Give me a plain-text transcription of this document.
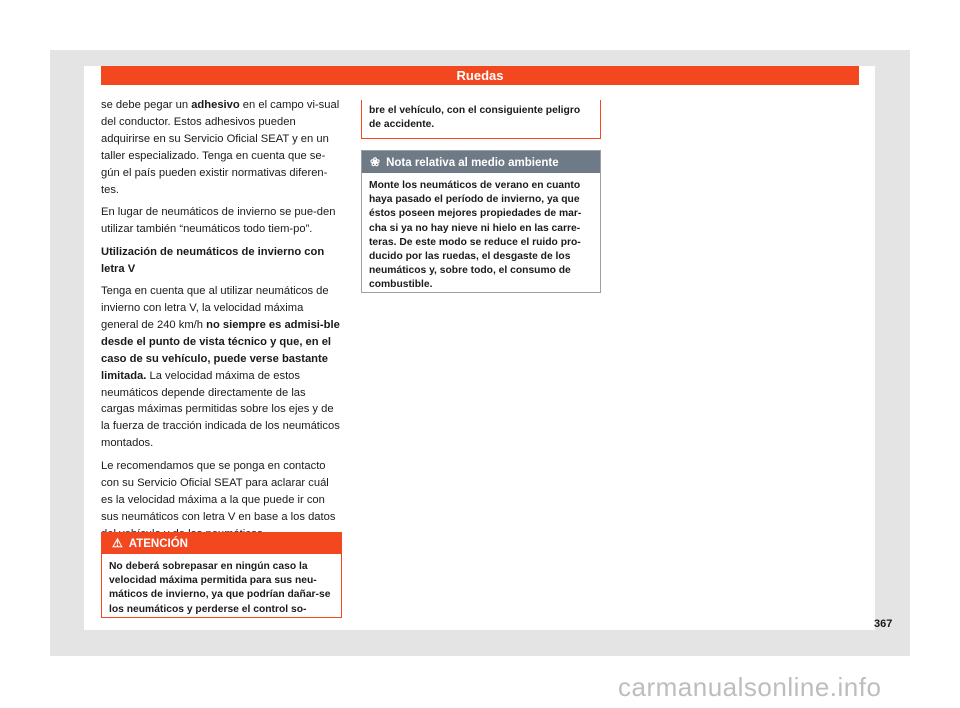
Ruedas

se debe pegar un adhesivo en el campo vi-sual del conductor. Estos adhesivos pueden adquirirse en su Servicio Oficial SEAT y en un taller especializado. Tenga en cuenta que se-gún el país pueden existir normativas diferen-tes.

En lugar de neumáticos de invierno se pue-den utilizar también “neumáticos todo tiem-po”.

Utilización de neumáticos de invierno con letra V

Tenga en cuenta que al utilizar neumáticos de invierno con letra V, la velocidad máxima general de 240 km/h no siempre es admisi-ble desde el punto de vista técnico y que, en el caso de su vehículo, puede verse bastante limitada. La velocidad máxima de estos neumáticos depende directamente de las cargas máximas permitidas sobre los ejes y de la fuerza de tracción indicada de los neumáticos montados.

Le recomendamos que se ponga en contacto con su Servicio Oficial SEAT para aclarar cuál es la velocidad máxima a la que puede ir con sus neumáticos con letra V en base a los datos

⚠ ATENCIÓN
No deberá sobrepasar en ningún caso la velocidad máxima permitida para sus neu-máticos de invierno, ya que podrían dañar-se los neumáticos y perderse el control so-
bre el vehículo, con el consiguiente peligro de accidente.
❀ Nota relativa al medio ambiente
Monte los neumáticos de verano en cuanto haya pasado el período de invierno, ya que éstos poseen mejores propiedades de mar-cha si ya no hay nieve ni hielo en las carre-teras. De este modo se reduce el ruido pro-ducido por las ruedas, el desgaste de los neumáticos y, sobre todo, el consumo de combustible.
367
carmanualsonline.info
